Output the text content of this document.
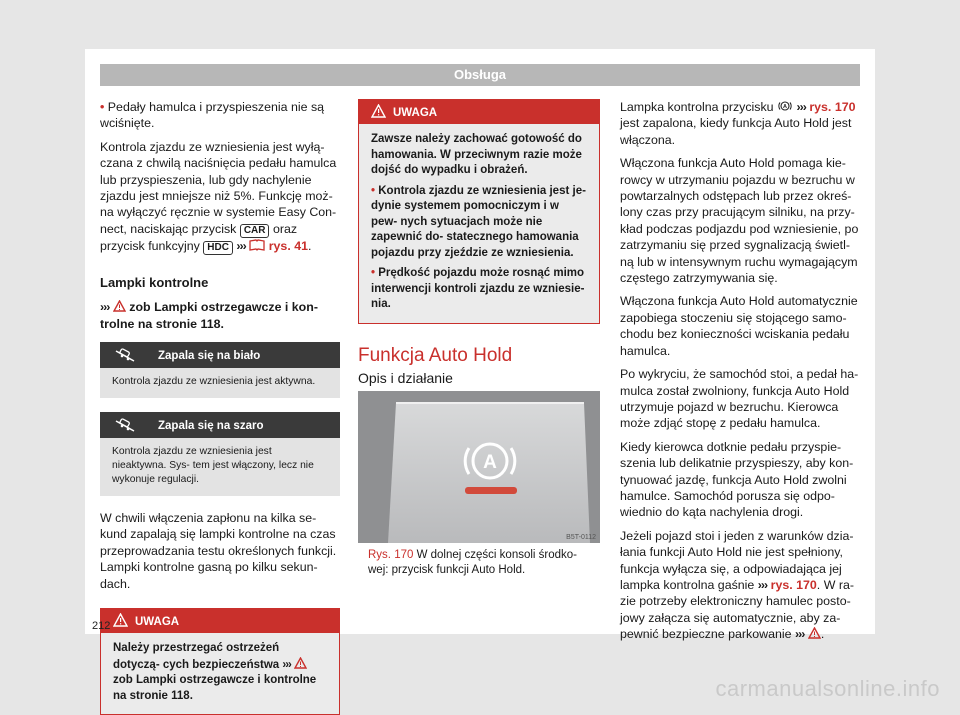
Obsługa

• Pedały hamulca i przyspieszenia nie są wciśnięte.

Kontrola zjazdu ze wzniesienia jest wyłą- czana z chwilą naciśnięcia pedału hamulca lub przyspieszenia, lub gdy nachylenie zjazdu jest mniejsze niż 5%. Funkcję moż- na wyłączyć ręcznie w systemie Easy Con- nect, naciskając przycisk CAR oraz przycisk funkcyjny HDC ››› rys. 41.

Lampki kontrolne

››› zob Lampki ostrzegawcze i kon- trolne na stronie 118.

Zapala się na biało
Kontrola zjazdu ze wzniesienia jest aktywna.
Zapala się na szaro
Kontrola zjazdu ze wzniesienia jest nieaktywna. Sys- tem jest włączony, lecz nie wykonuje regulacji.

W chwili włączenia zapłonu na kilka se- kund zapalają się lampki kontrolne na czas przeprowadzania testu określonych funkcji. Lampki kontrolne gasną po kilku sekun- dach.

UWAGA
Należy przestrzegać ostrzeżeń dotyczą- cych bezpieczeństwa ›››  zob Lampki ostrzegawcze i kontrolne na stronie 118.
UWAGA

Zawsze należy zachować gotowość do hamowania. W przeciwnym razie może dojść do wypadku i obrażeń.

• Kontrola zjazdu ze wzniesienia jest je- dynie systemem pomocniczym i w pew- nych sytuacjach może nie zapewnić do- statecznego hamowania pojazdu przy zjeździe ze wzniesienia.

• Prędkość pojazdu może rosnąć mimo interwencji kontroli zjazdu ze wzniesie- nia.

Funkcja Auto Hold
Opis i działanie
A
B5T-0112
Rys. 170 W dolnej części konsoli środko- wej: przycisk funkcji Auto Hold.

Lampka kontrolna przycisku A ››› rys. 170 jest zapalona, kiedy funkcja Auto Hold jest włączona.

Włączona funkcja Auto Hold pomaga kie- rowcy w utrzymaniu pojazdu w bezruchu w powtarzalnych odstępach lub przez okreś- lony czas przy pracującym silniku, na przy- kład podczas podjazdu pod wzniesienie, po zatrzymaniu się przed sygnalizacją świetl- ną lub w intensywnym ruchu wymagającym częstego zatrzymywania się.

Włączona funkcja Auto Hold automatycznie zapobiega stoczeniu się stojącego samo- chodu bez konieczności wciskania pedału hamulca.

Po wykryciu, że samochód stoi, a pedał ha- mulca został zwolniony, funkcja Auto Hold utrzymuje pojazd w bezruchu. Kierowca może zdjąć stopę z pedału hamulca.

Kiedy kierowca dotknie pedału przyspie- szenia lub delikatnie przyspieszy, aby kon- tynuować jazdę, funkcja Auto Hold zwolni hamulce. Samochód porusza się odpo- wiednio do kąta nachylenia drogi.

Jeżeli pojazd stoi i jeden z warunków dzia- łania funkcji Auto Hold nie jest spełniony, funkcja wyłącza się, a odpowiadająca jej lampka kontrolna gaśnie ››› rys. 170. W ra- zie potrzeby elektroniczny hamulec posto- jowy załącza się automatycznie, aby za- pewnić bezpieczne parkowanie ››› .

212
carmanualsonline.info
